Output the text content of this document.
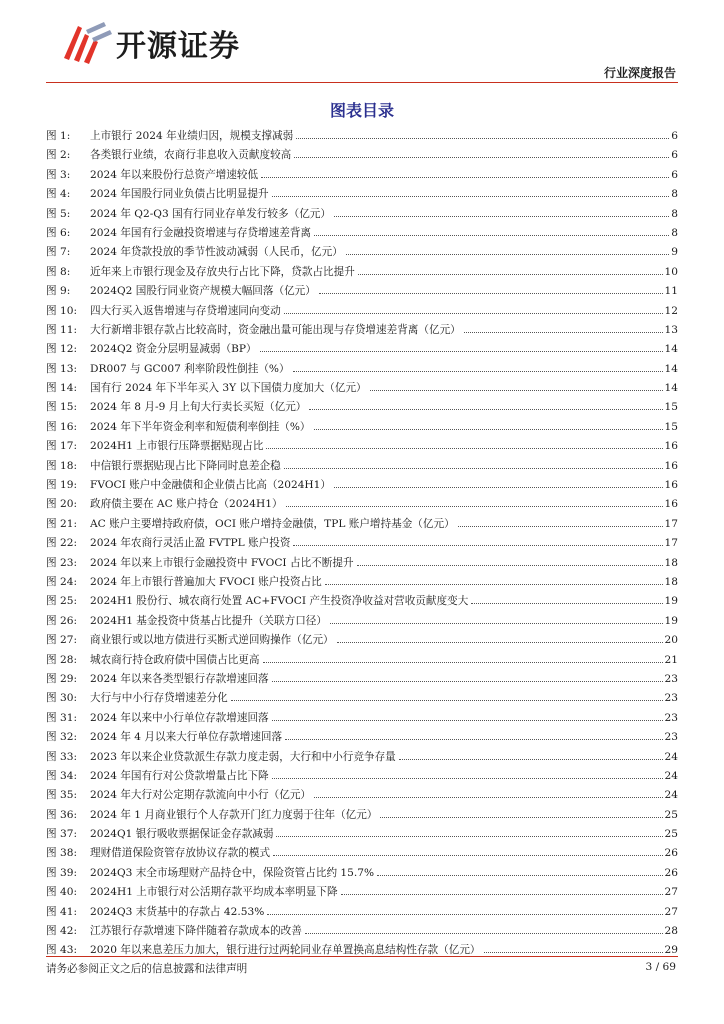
开源证券
行业深度报告
图表目录
图 1:	上市银行 2024 年业绩归因，规模支撑减弱	6
图 2:	各类银行业绩，农商行非息收入贡献度较高	6
图 3:	2024 年以来股份行总资产增速较低	6
图 4:	2024 年国股行同业负债占比明显提升	8
图 5:	2024 年 Q2-Q3 国有行同业存单发行较多（亿元）	8
图 6:	2024 年国有行金融投资增速与存贷增速差背离	8
图 7:	2024 年贷款投放的季节性波动减弱（人民币，亿元）	9
图 8:	近年来上市银行现金及存放央行占比下降，贷款占比提升	10
图 9:	2024Q2 国股行同业资产规模大幅回落（亿元）	11
图 10:	四大行买入返售增速与存贷增速同向变动	12
图 11:	大行新增非银存款占比较高时，资金融出量可能出现与存贷增速差背离（亿元）	13
图 12:	2024Q2 资金分层明显减弱（BP）	14
图 13:	DR007 与 GC007 利率阶段性倒挂（%）	14
图 14:	国有行 2024 年下半年买入 3Y 以下国债力度加大（亿元）	14
图 15:	2024 年 8 月-9 月上旬大行卖长买短（亿元）	15
图 16:	2024 年下半年资金利率和短债利率倒挂（%）	15
图 17:	2024H1 上市银行压降票据贴现占比	16
图 18:	中信银行票据贴现占比下降同时息差企稳	16
图 19:	FVOCI 账户中金融债和企业债占比高（2024H1）	16
图 20:	政府债主要在 AC 账户持仓（2024H1）	16
图 21:	AC 账户主要增持政府债，OCI 账户增持金融债，TPL 账户增持基金（亿元）	17
图 22:	2024 年农商行灵活止盈 FVTPL 账户投资	17
图 23:	2024 年以来上市银行金融投资中 FVOCI 占比不断提升	18
图 24:	2024 年上市银行普遍加大 FVOCI 账户投资占比	18
图 25:	2024H1 股份行、城农商行处置 AC+FVOCI 产生投资净收益对营收贡献度变大	19
图 26:	2024H1 基金投资中货基占比提升（关联方口径）	19
图 27:	商业银行或以地方债进行买断式逆回购操作（亿元）	20
图 28:	城农商行持仓政府债中国债占比更高	21
图 29:	2024 年以来各类型银行存款增速回落	23
图 30:	大行与中小行存贷增速差分化	23
图 31:	2024 年以来中小行单位存款增速回落	23
图 32:	2024 年 4 月以来大行单位存款增速回落	23
图 33:	2023 年以来企业贷款派生存款力度走弱，大行和中小行竞争存量	24
图 34:	2024 年国有行对公贷款增量占比下降	24
图 35:	2024 年大行对公定期存款流向中小行（亿元）	24
图 36:	2024 年 1 月商业银行个人存款开门红力度弱于往年（亿元）	25
图 37:	2024Q1 银行吸收票据保证金存款减弱	25
图 38:	理财借道保险资管存放协议存款的模式	26
图 39:	2024Q3 末全市场理财产品持仓中，保险资管占比约 15.7%	26
图 40:	2024H1 上市银行对公活期存款平均成本率明显下降	27
图 41:	2024Q3 末货基中的存款占 42.53%	27
图 42:	江苏银行存款增速下降伴随着存款成本的改善	28
图 43:	2020 年以来息差压力加大，银行进行过两轮同业存单置换高息结构性存款（亿元）	29
请务必参阅正文之后的信息披露和法律声明	3 / 69
